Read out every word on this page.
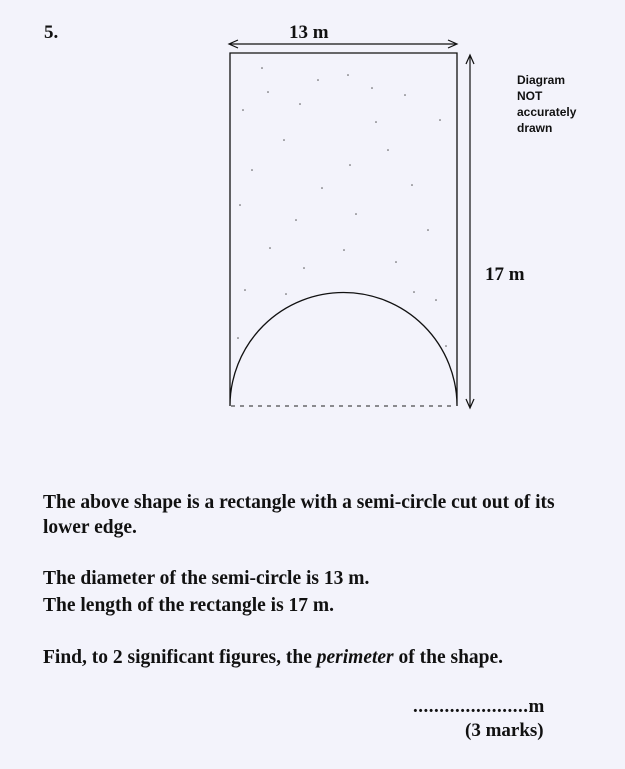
5.	13 m
17 m
Diagram
NOT
accurately
drawn
The above shape is a rectangle with a semi-circle cut out of its lower edge.
The diameter of the semi-circle is 13 m.
The length of the rectangle is 17 m.
Find, to 2 significant figures, the perimeter of the shape.
......................m
(3 marks)
